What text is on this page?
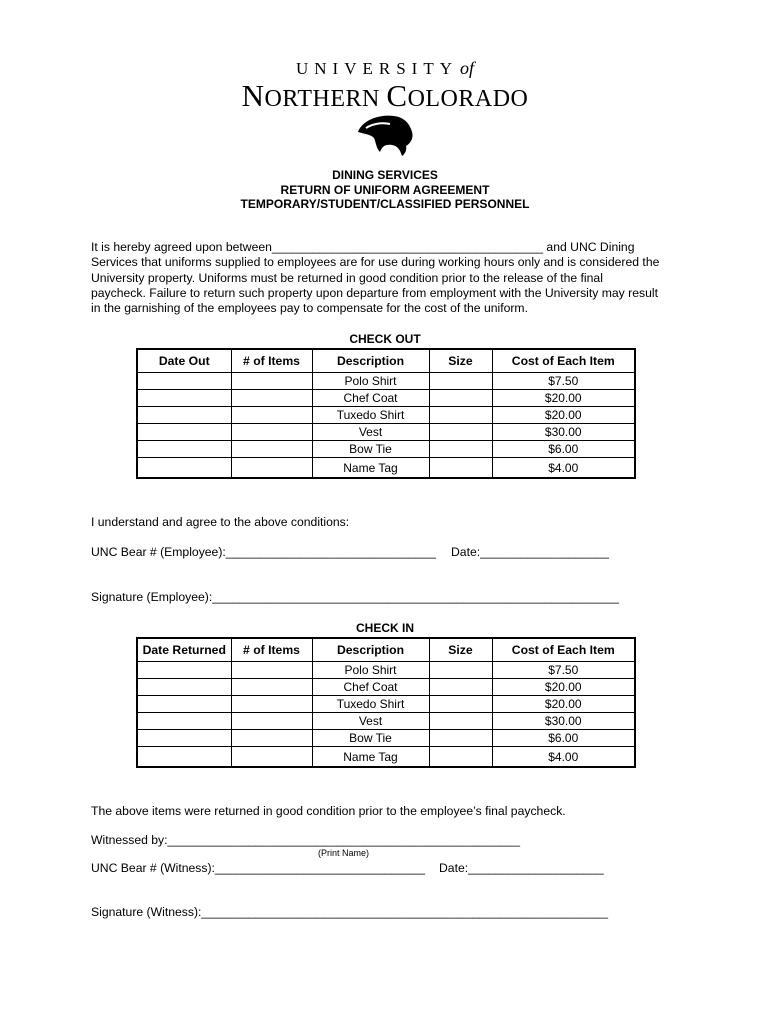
UNIVERSITY of
NORTHERN COLORADO
DINING SERVICES
RETURN OF UNIFORM AGREEMENT
TEMPORARY/STUDENT/CLASSIFIED PERSONNEL

It is hereby agreed upon between________________________________________ and UNC Dining

Services that uniforms supplied to employees are for use during working hours only and is considered the

University property. Uniforms must be returned in good condition prior to the release of the final

paycheck. Failure to return such property upon departure from employment with the University may result

in the garnishing of the employees pay to compensate for the cost of the uniform.

CHECK OUT
Date Out	# of Items	Description	Size	Cost of Each Item
		Polo Shirt		$7.50
		Chef Coat		$20.00
		Tuxedo Shirt		$20.00
		Vest		$30.00
		Bow Tie		$6.00
		Name Tag		$4.00
I understand and agree to the above conditions:
UNC Bear # (Employee):_______________________________ Date:___________________
Signature (Employee):____________________________________________________________
CHECK IN
Date Returned	# of Items	Description	Size	Cost of Each Item
		Polo Shirt		$7.50
		Chef Coat		$20.00
		Tuxedo Shirt		$20.00
		Vest		$30.00
		Bow Tie		$6.00
		Name Tag		$4.00
The above items were returned in good condition prior to the employee’s final paycheck.
Witnessed by:____________________________________________________
(Print Name)
UNC Bear # (Witness):_______________________________ Date:____________________
Signature (Witness):____________________________________________________________
